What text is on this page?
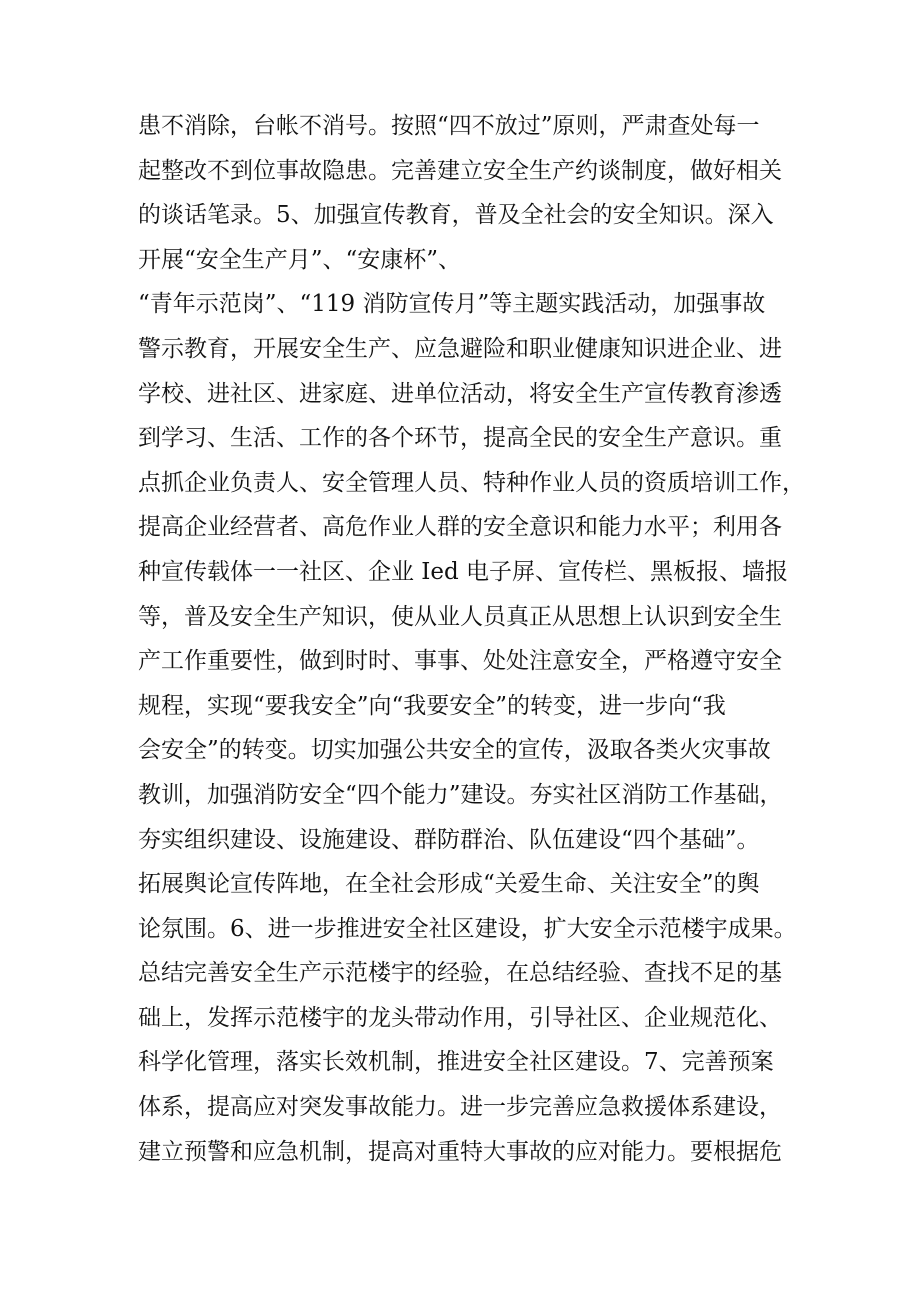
患不消除，台帐不消号。按照“四不放过”原则，严肃查处每一
起整改不到位事故隐患。完善建立安全生产约谈制度，做好相关
的谈话笔录。5、加强宣传教育，普及全社会的安全知识。深入
开展“安全生产月”、“安康杯”、
“青年示范岗”、“119 消防宣传月”等主题实践活动，加强事故
警示教育，开展安全生产、应急避险和职业健康知识进企业、进
学校、进社区、进家庭、进单位活动，将安全生产宣传教育渗透
到学习、生活、工作的各个环节，提高全民的安全生产意识。重
点抓企业负责人、安全管理人员、特种作业人员的资质培训工作，
提高企业经营者、高危作业人群的安全意识和能力水平；利用各
种宣传载体一一社区、企业 Ied 电子屏、宣传栏、黑板报、墙报
等，普及安全生产知识，使从业人员真正从思想上认识到安全生
产工作重要性，做到时时、事事、处处注意安全，严格遵守安全
规程，实现“要我安全”向“我要安全”的转变，进一步向“我
会安全”的转变。切实加强公共安全的宣传，汲取各类火灾事故
教训，加强消防安全“四个能力”建设。夯实社区消防工作基础，
夯实组织建设、设施建设、群防群治、队伍建设“四个基础”。
拓展舆论宣传阵地，在全社会形成“关爱生命、关注安全”的舆
论氛围。6、进一步推进安全社区建设，扩大安全示范楼宇成果。
总结完善安全生产示范楼宇的经验，在总结经验、查找不足的基
础上，发挥示范楼宇的龙头带动作用，引导社区、企业规范化、
科学化管理，落实长效机制，推进安全社区建设。7、完善预案
体系，提高应对突发事故能力。进一步完善应急救援体系建设，
建立预警和应急机制，提高对重特大事故的应对能力。要根据危
